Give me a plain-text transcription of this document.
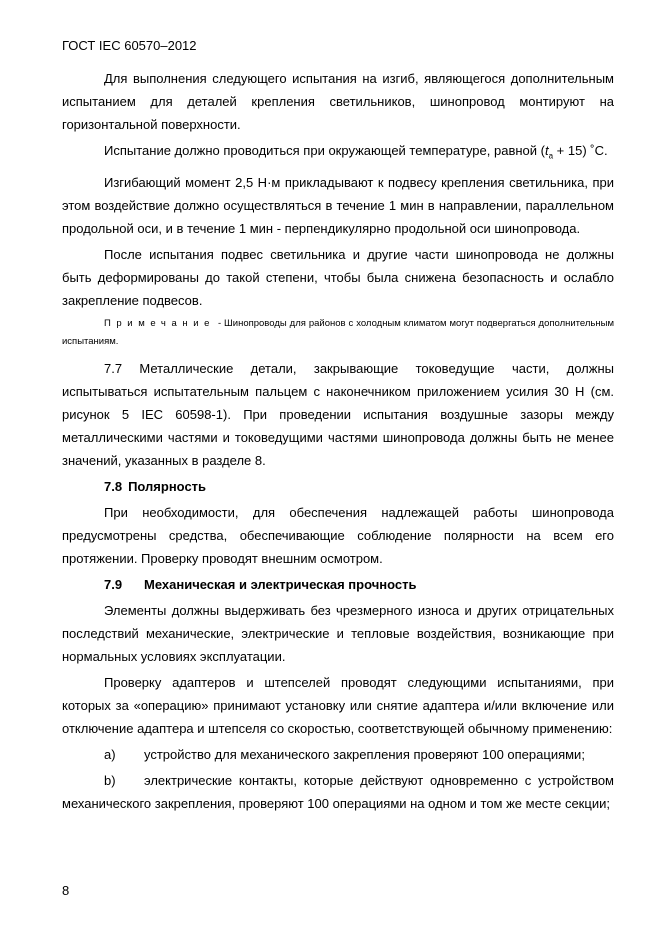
ГОСТ IEC 60570–2012

Для выполнения следующего испытания на изгиб, являющегося дополнительным испытанием для деталей крепления светильников, шинопровод монтируют на горизонтальной поверхности.

Испытание должно проводиться при окружающей температуре, равной $(t_a + 15)$ ˚C.

Изгибающий момент 2,5 Н·м прикладывают к подвесу крепления светильника, при этом воздействие должно осуществляться в течение 1 мин в направлении, параллельном продольной оси, и в течение 1 мин - перпендикулярно продольной оси шинопровода.

После испытания подвес светильника и другие части шинопровода не должны быть деформированы до такой степени, чтобы была снижена безопасность и ослабло закрепление подвесов.

Примечание - Шинопроводы для районов с холодным климатом могут подвергаться дополнительным испытаниям.

7.7 Металлические детали, закрывающие токоведущие части, должны испытываться испытательным пальцем с наконечником приложением усилия 30 Н (см. рисунок 5 IEC 60598-1). При проведении испытания воздушные зазоры между металлическими частями и токоведущими частями шинопровода должны быть не менее значений, указанных в разделе 8.

7.8 Полярность

При необходимости, для обеспечения надлежащей работы шинопровода предусмотрены средства, обеспечивающие соблюдение полярности на всем его протяжении. Проверку проводят внешним осмотром.

7.9 Механическая и электрическая прочность

Элементы должны выдерживать без чрезмерного износа и других отрицательных последствий механические, электрические и тепловые воздействия, возникающие при нормальных условиях эксплуатации.

Проверку адаптеров и штепселей проводят следующими испытаниями, при которых за «операцию» принимают установку или снятие адаптера и/или включение или отключение адаптера и штепселя со скоростью, соответствующей обычному применению:

a) устройство для механического закрепления проверяют 100 операциями;

b) электрические контакты, которые действуют одновременно с устройством механического закрепления, проверяют 100 операциями на одном и том же месте секции;

8
